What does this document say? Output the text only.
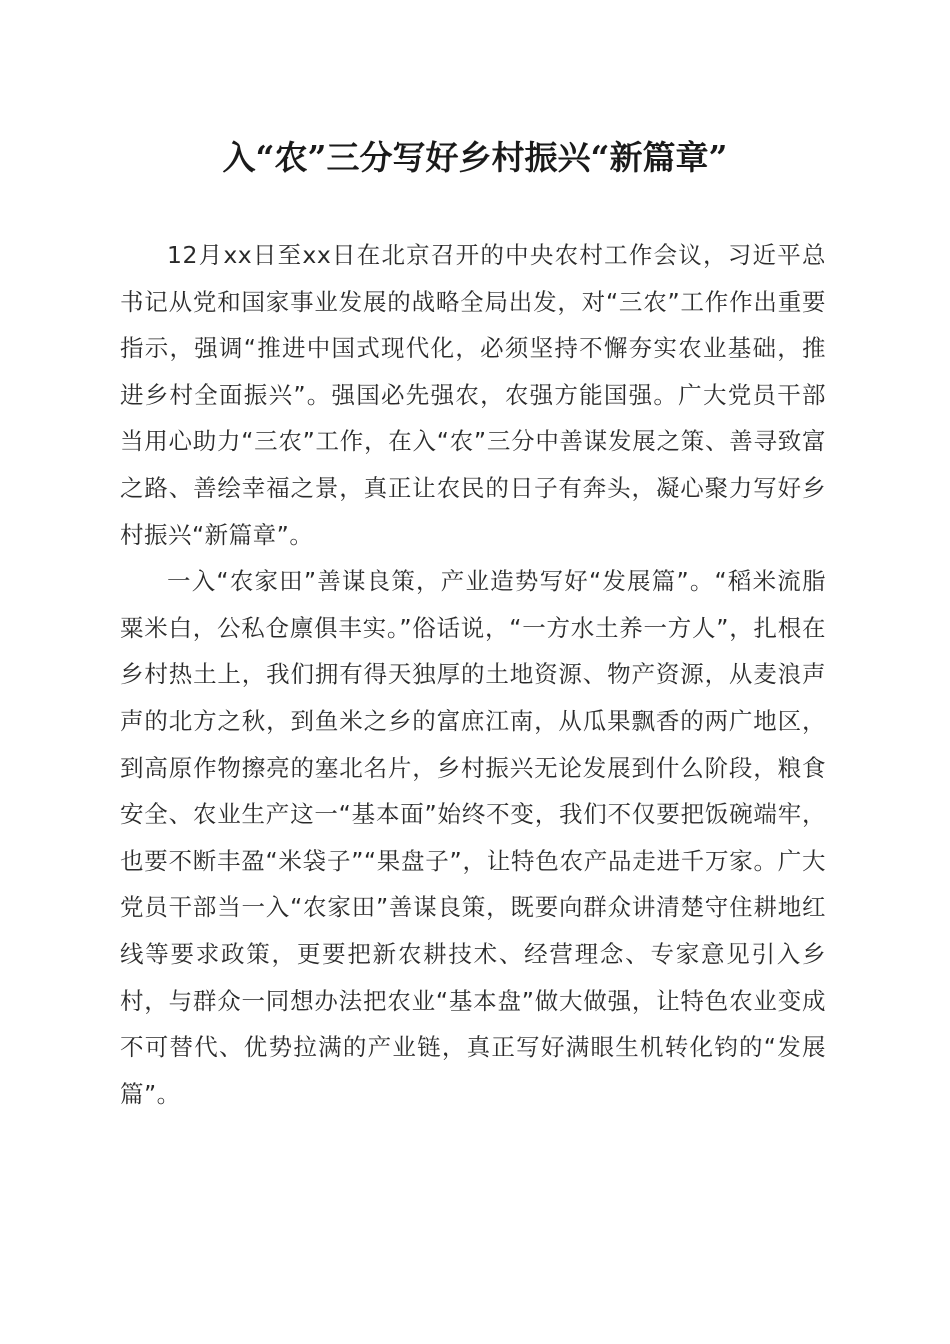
入“农”三分写好乡村振兴“新篇章”

12月xx日至xx日在北京召开的中央农村工作会议，习近平总书记从党和国家事业发展的战略全局出发，对“三农”工作作出重要指示，强调“推进中国式现代化，必须坚持不懈夯实农业基础，推进乡村全面振兴”。强国必先强农，农强方能国强。广大党员干部当用心助力“三农”工作，在入“农”三分中善谋发展之策、善寻致富之路、善绘幸福之景，真正让农民的日子有奔头，凝心聚力写好乡村振兴“新篇章”。

一入“农家田”善谋良策，产业造势写好“发展篇”。“稻米流脂粟米白，公私仓廪俱丰实。”俗话说，“一方水土养一方人”，扎根在乡村热土上，我们拥有得天独厚的土地资源、物产资源，从麦浪声声的北方之秋，到鱼米之乡的富庶江南，从瓜果飘香的两广地区，到高原作物擦亮的塞北名片，乡村振兴无论发展到什么阶段，粮食安全、农业生产这一“基本面”始终不变，我们不仅要把饭碗端牢，也要不断丰盈“米袋子”“果盘子”，让特色农产品走进千万家。广大党员干部当一入“农家田”善谋良策，既要向群众讲清楚守住耕地红线等要求政策，更要把新农耕技术、经营理念、专家意见引入乡村，与群众一同想办法把农业“基本盘”做大做强，让特色农业变成不可替代、优势拉满的产业链，真正写好满眼生机转化钧的“发展篇”。
